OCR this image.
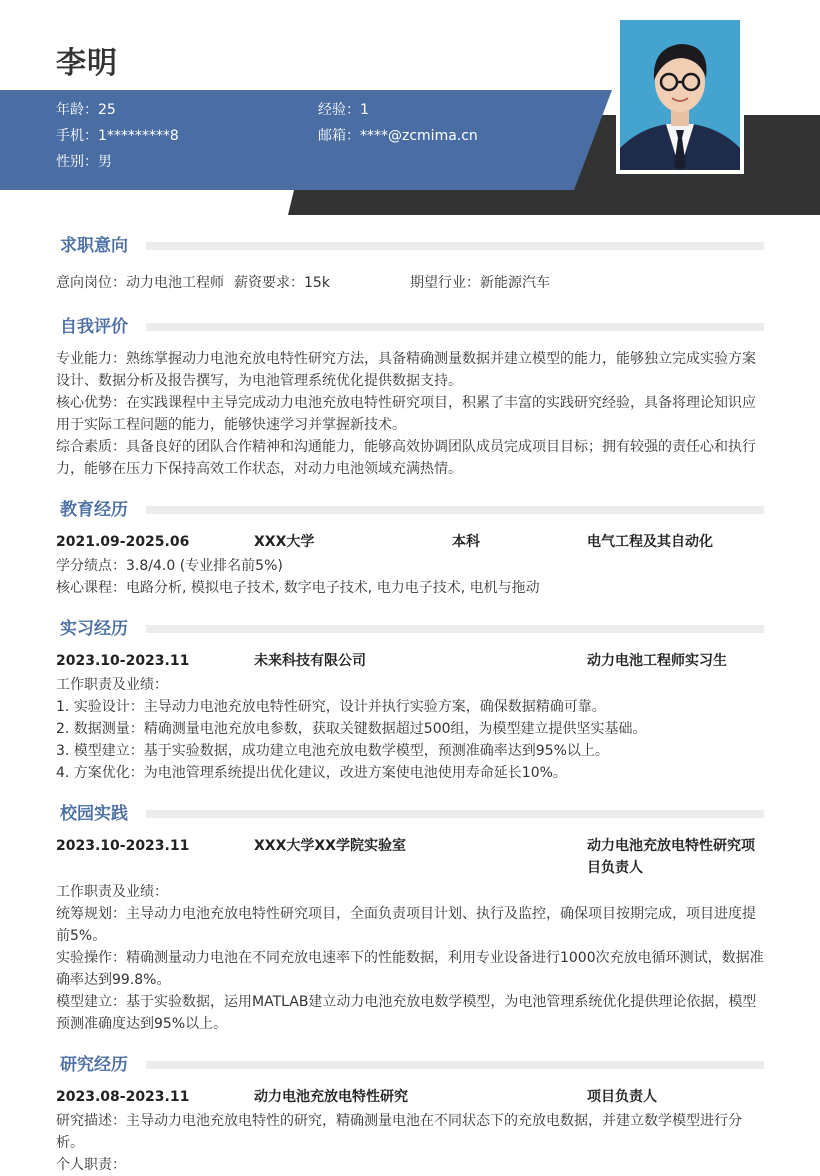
李明
年龄：25	经验：1
手机：1*********8	邮箱：****@zcmima.cn
性别：男
求职意向
意向岗位：动力电池工程师 薪资要求：15k	期望行业：新能源汽车
自我评价
专业能力：熟练掌握动力电池充放电特性研究方法，具备精确测量数据并建立模型的能力，能够独立完成实验方案
设计、数据分析及报告撰写，为电池管理系统优化提供数据支持。
核心优势：在实践课程中主导完成动力电池充放电特性研究项目，积累了丰富的实践研究经验，具备将理论知识应
用于实际工程问题的能力，能够快速学习并掌握新技术。
综合素质：具备良好的团队合作精神和沟通能力，能够高效协调团队成员完成项目目标；拥有较强的责任心和执行
力，能够在压力下保持高效工作状态，对动力电池领域充满热情。
教育经历
2021.09-2025.06	XXX大学	本科	电气工程及其自动化
学分绩点：3.8/4.0 (专业排名前5%)
核心课程：电路分析, 模拟电子技术, 数字电子技术, 电力电子技术, 电机与拖动
实习经历
2023.10-2023.11	未来科技有限公司	动力电池工程师实习生
工作职责及业绩：
1. 实验设计：主导动力电池充放电特性研究，设计并执行实验方案，确保数据精确可靠。
2. 数据测量：精确测量电池充放电参数，获取关键数据超过500组，为模型建立提供坚实基础。
3. 模型建立：基于实验数据，成功建立电池充放电数学模型，预测准确率达到95%以上。
4. 方案优化：为电池管理系统提出优化建议，改进方案使电池使用寿命延长10%。
校园实践
2023.10-2023.11	XXX大学XX学院实验室	动力电池充放电特性研究项
目负责人
工作职责及业绩：
统筹规划：主导动力电池充放电特性研究项目，全面负责项目计划、执行及监控，确保项目按期完成，项目进度提
前5%。
实验操作：精确测量动力电池在不同充放电速率下的性能数据，利用专业设备进行1000次充放电循环测试，数据准
确率达到99.8%。
模型建立：基于实验数据，运用MATLAB建立动力电池充放电数学模型，为电池管理系统优化提供理论依据，模型
预测准确度达到95%以上。
研究经历
2023.08-2023.11	动力电池充放电特性研究	项目负责人
研究描述：主导动力电池充放电特性的研究，精确测量电池在不同状态下的充放电数据，并建立数学模型进行分
析。
个人职责：
